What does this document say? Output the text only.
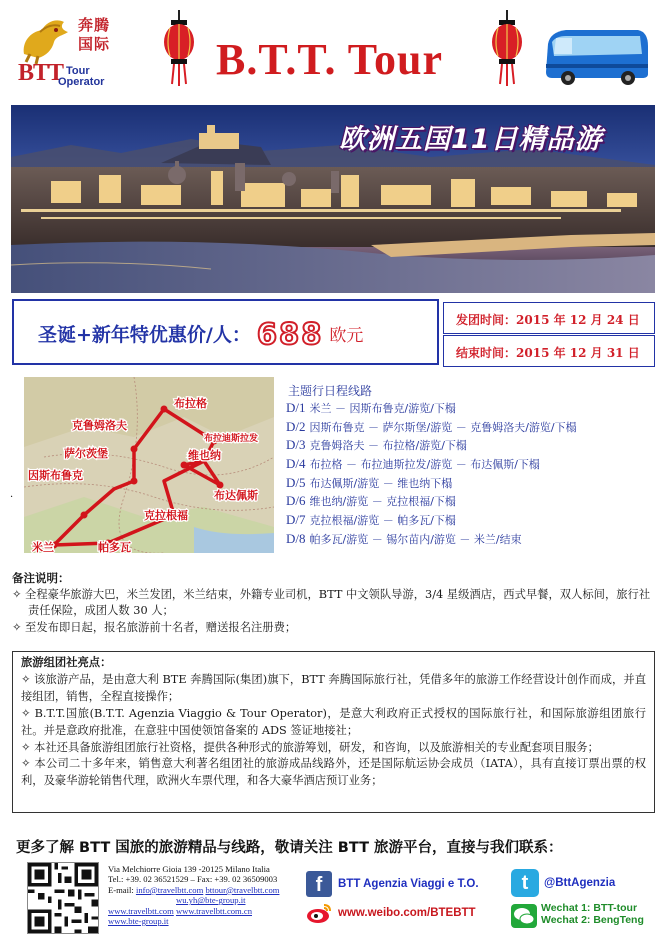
奔腾
国际
BTT Tour
Operator	B.T.T. Tour
欧洲五国11日精品游
圣诞+新年特优惠价/人： 688 欧元
发团时间：2015 年 12 月 24 日
结束时间：2015 年 12 月 31 日
布拉格
克鲁姆洛夫
萨尔茨堡
因斯布鲁克
维也纳
布拉迪斯拉发
布达佩斯
克拉根福
帕多瓦
米兰
·
主题行日程线路
D/1 米兰 － 因斯布鲁克/游览/下榻
D/2 因斯布鲁克 － 萨尔斯堡/游览 － 克鲁姆洛夫/游览/下榻
D/3 克鲁姆洛夫 － 布拉格/游览/下榻
D/4 布拉格 － 布拉迪斯拉发/游览 － 布达佩斯/下榻
D/5 布达佩斯/游览 － 维也纳下榻
D/6 维也纳/游览 － 克拉根福/下榻
D/7 克拉根福/游览 － 帕多瓦/下榻
D/8 帕多瓦/游览 － 锡尔苗内/游览 － 米兰/结束
备注说明：
✧ 全程豪华旅游大巴，米兰发团，米兰结束，外籍专业司机，BTT 中文领队导游，3/4 星级酒店，西式早餐，双人标间，旅行社责任保险，成团人数 30 人；
✧ 至发布即日起，报名旅游前十名者，赠送报名注册费；
旅游组团社亮点：
✧ 该旅游产品，是由意大利 BTE 奔腾国际(集团)旗下，BTT 奔腾国际旅行社，凭借多年的旅游工作经营设计创作而成，并直接组团，销售，全程直接操作；
✧ B.T.T.国旅(B.T.T. Agenzia Viaggio & Tour Operator)，是意大利政府正式授权的国际旅行社，和国际旅游组团旅行社。并是意政府批准，在意驻中国使领馆备案的 ADS 签证地接社；
✧ 本社还具备旅游组团旅行社资格，提供各种形式的旅游筹划，研发，和咨询，以及旅游相关的专业配套项目服务；
✧ 本公司二十多年来，销售意大利著名组团社的旅游成品线路外，还是国际航运协会成员（IATA），具有直接订票出票的权利，及豪华游轮销售代理，欧洲火车票代理，和各大豪华酒店预订业务；
更多了解 BTT 国旅的旅游精品与线路，敬请关注 BTT 旅游平台，直接与我们联系：
Via Melchiorre Gioia 139 -20125 Milano Italia
Tel.: +39. 02 36521529 – Fax: +39. 02 36509003
E-mail: info@travelbtt.com bttour@travelbtt.com
wu.yh@bte-group.it
www.travelbtt.com www.travelbtt.com.cn
www.bte-group.it
f	BTT Agenzia Viaggi e T.O.	t	@BttAgenzia
www.weibo.com/BTEBTT	Wechat 1: BTT-tour
Wechat 2: BengTeng
